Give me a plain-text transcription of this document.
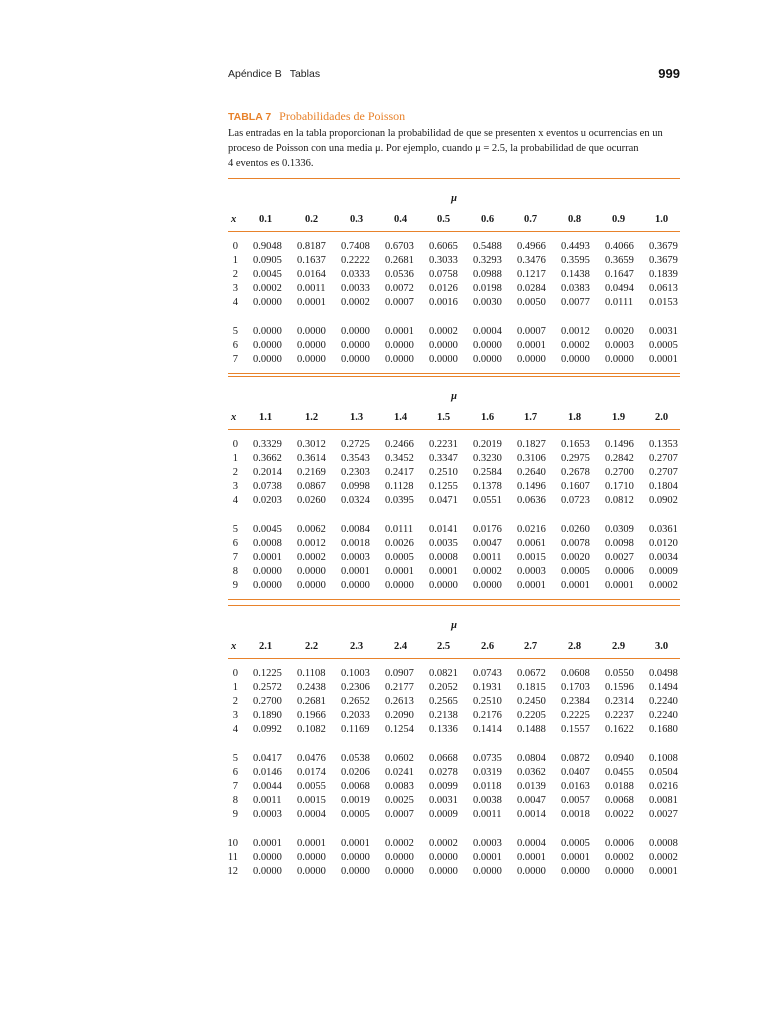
Apéndice B Tablas	999
TABLA 7 Probabilidades de Poisson
Las entradas en la tabla proporcionan la probabilidad de que se presenten x eventos u ocurrencias en un
proceso de Poisson con una media μ. Por ejemplo, cuando μ = 2.5, la probabilidad de que ocurran
4 eventos es 0.1336.
μ
x 0.1	0.2	0.3	0.4	0.5	0.6	0.7	0.8	0.9	1.0
0 0.9048 0.8187 0.7408 0.6703 0.6065 0.5488 0.4966 0.4493 0.4066 0.3679
1 0.0905 0.1637 0.2222 0.2681 0.3033 0.3293 0.3476 0.3595 0.3659 0.3679
2 0.0045 0.0164 0.0333 0.0536 0.0758 0.0988 0.1217 0.1438 0.1647 0.1839
3 0.0002 0.0011 0.0033 0.0072 0.0126 0.0198 0.0284 0.0383 0.0494 0.0613
4 0.0000 0.0001 0.0002 0.0007 0.0016 0.0030 0.0050 0.0077 0.0111 0.0153
5 0.0000 0.0000 0.0000 0.0001 0.0002 0.0004 0.0007 0.0012 0.0020 0.0031
6 0.0000 0.0000 0.0000 0.0000 0.0000 0.0000 0.0001 0.0002 0.0003 0.0005
7 0.0000 0.0000 0.0000 0.0000 0.0000 0.0000 0.0000 0.0000 0.0000 0.0001
μ
x 1.1	1.2	1.3	1.4	1.5	1.6	1.7	1.8	1.9	2.0
0 0.3329 0.3012 0.2725 0.2466 0.2231 0.2019 0.1827 0.1653 0.1496 0.1353
1 0.3662 0.3614 0.3543 0.3452 0.3347 0.3230 0.3106 0.2975 0.2842 0.2707
2 0.2014 0.2169 0.2303 0.2417 0.2510 0.2584 0.2640 0.2678 0.2700 0.2707
3 0.0738 0.0867 0.0998 0.1128 0.1255 0.1378 0.1496 0.1607 0.1710 0.1804
4 0.0203 0.0260 0.0324 0.0395 0.0471 0.0551 0.0636 0.0723 0.0812 0.0902
5 0.0045 0.0062 0.0084 0.0111 0.0141 0.0176 0.0216 0.0260 0.0309 0.0361
6 0.0008 0.0012 0.0018 0.0026 0.0035 0.0047 0.0061 0.0078 0.0098 0.0120
7 0.0001 0.0002 0.0003 0.0005 0.0008 0.0011 0.0015 0.0020 0.0027 0.0034
8 0.0000 0.0000 0.0001 0.0001 0.0001 0.0002 0.0003 0.0005 0.0006 0.0009
9 0.0000 0.0000 0.0000 0.0000 0.0000 0.0000 0.0001 0.0001 0.0001 0.0002
μ
x 2.1	2.2	2.3	2.4	2.5	2.6	2.7	2.8	2.9	3.0
0 0.1225 0.1108 0.1003 0.0907 0.0821 0.0743 0.0672 0.0608 0.0550 0.0498
1 0.2572 0.2438 0.2306 0.2177 0.2052 0.1931 0.1815 0.1703 0.1596 0.1494
2 0.2700 0.2681 0.2652 0.2613 0.2565 0.2510 0.2450 0.2384 0.2314 0.2240
3 0.1890 0.1966 0.2033 0.2090 0.2138 0.2176 0.2205 0.2225 0.2237 0.2240
4 0.0992 0.1082 0.1169 0.1254 0.1336 0.1414 0.1488 0.1557 0.1622 0.1680
5 0.0417 0.0476 0.0538 0.0602 0.0668 0.0735 0.0804 0.0872 0.0940 0.1008
6 0.0146 0.0174 0.0206 0.0241 0.0278 0.0319 0.0362 0.0407 0.0455 0.0504
7 0.0044 0.0055 0.0068 0.0083 0.0099 0.0118 0.0139 0.0163 0.0188 0.0216
8 0.0011 0.0015 0.0019 0.0025 0.0031 0.0038 0.0047 0.0057 0.0068 0.0081
9 0.0003 0.0004 0.0005 0.0007 0.0009 0.0011 0.0014 0.0018 0.0022 0.0027
10 0.0001 0.0001 0.0001 0.0002 0.0002 0.0003 0.0004 0.0005 0.0006 0.0008
11 0.0000 0.0000 0.0000 0.0000 0.0000 0.0001 0.0001 0.0001 0.0002 0.0002
12 0.0000 0.0000 0.0000 0.0000 0.0000 0.0000 0.0000 0.0000 0.0000 0.0001
